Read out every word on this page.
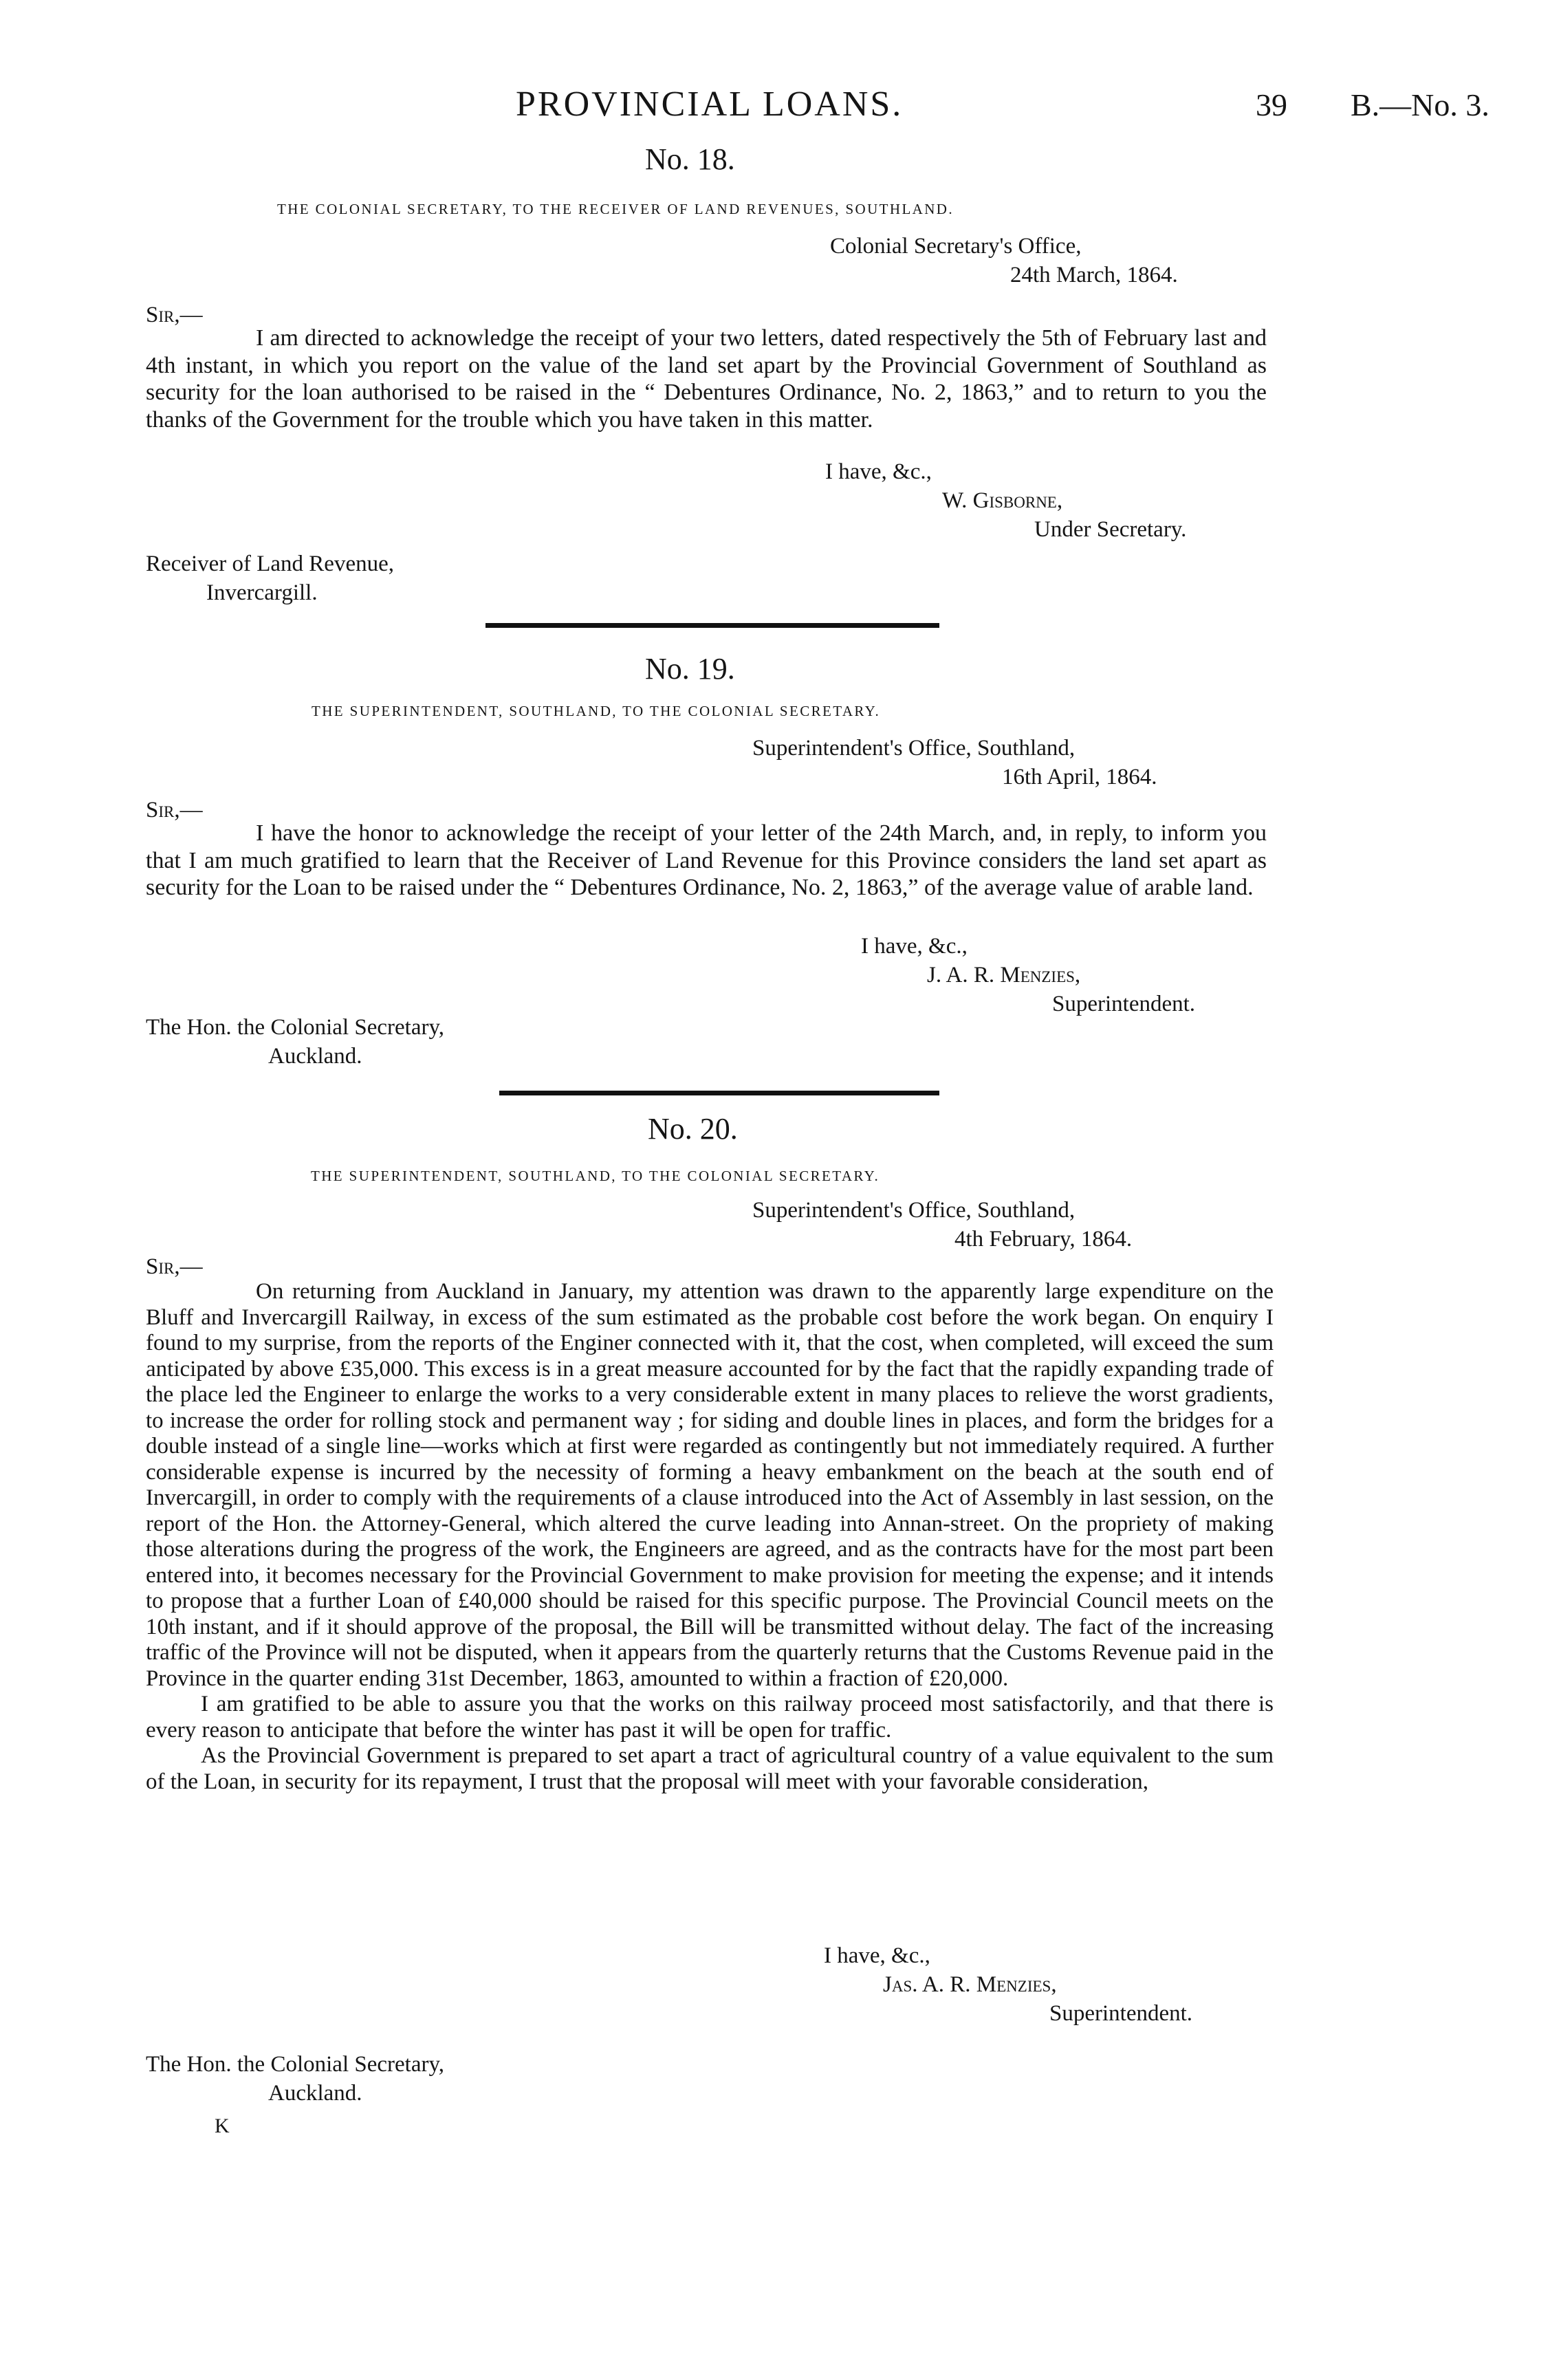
PROVINCIAL LOANS.	39 B.—No. 3.
No. 18.
THE COLONIAL SECRETARY, TO THE RECEIVER OF LAND REVENUES, SOUTHLAND.
Colonial Secretary's Office,
24th March, 1864.
Sir,—
I am directed to acknowledge the receipt of your two letters, dated respectively the 5th of February last and 4th instant, in which you report on the value of the land set apart by the Provincial Government of Southland as security for the loan authorised to be raised in the “ Debentures Ordinance, No. 2, 1863,” and to return to you the thanks of the Government for the trouble which you have taken in this matter.
I have, &c.,
W. Gisborne,
Under Secretary.
Receiver of Land Revenue,
Invercargill.
No. 19.
THE SUPERINTENDENT, SOUTHLAND, TO THE COLONIAL SECRETARY.
Superintendent's Office, Southland,
16th April, 1864.
Sir,—
I have the honor to acknowledge the receipt of your letter of the 24th March, and, in reply, to inform you that I am much gratified to learn that the Receiver of Land Revenue for this Province considers the land set apart as security for the Loan to be raised under the “ Debentures Ordinance, No. 2, 1863,” of the average value of arable land.
I have, &c.,
J. A. R. Menzies,
Superintendent.
The Hon. the Colonial Secretary,
Auckland.
No. 20.
THE SUPERINTENDENT, SOUTHLAND, TO THE COLONIAL SECRETARY.
Superintendent's Office, Southland,
4th February, 1864.
Sir,—

On returning from Auckland in January, my attention was drawn to the apparently large expenditure on the Bluff and Invercargill Railway, in excess of the sum estimated as the probable cost before the work began. On enquiry I found to my surprise, from the reports of the Enginer connected with it, that the cost, when completed, will exceed the sum anticipated by above £35,000. This excess is in a great measure accounted for by the fact that the rapidly expanding trade of the place led the Engineer to enlarge the works to a very considerable extent in many places to relieve the worst gradients, to increase the order for rolling stock and permanent way ; for siding and double lines in places, and form the bridges for a double instead of a single line—works which at first were regarded as contingently but not immediately required. A further considerable expense is incurred by the necessity of forming a heavy embankment on the beach at the south end of Invercargill, in order to comply with the requirements of a clause introduced into the Act of Assembly in last session, on the report of the Hon. the Attorney-General, which altered the curve leading into Annan-street. On the propriety of making those alterations during the progress of the work, the Engineers are agreed, and as the contracts have for the most part been entered into, it becomes necessary for the Provincial Government to make provision for meeting the expense; and it intends to propose that a further Loan of £40,000 should be raised for this specific purpose. The Provincial Council meets on the 10th instant, and if it should approve of the proposal, the Bill will be transmitted without delay. The fact of the increasing traffic of the Province will not be disputed, when it appears from the quarterly returns that the Customs Revenue paid in the Province in the quarter ending 31st December, 1863, amounted to within a fraction of £20,000.

I am gratified to be able to assure you that the works on this railway proceed most satisfactorily, and that there is every reason to anticipate that before the winter has past it will be open for traffic.

As the Provincial Government is prepared to set apart a tract of agricultural country of a value equivalent to the sum of the Loan, in security for its repayment, I trust that the proposal will meet with your favorable consideration,

I have, &c.,
Jas. A. R. Menzies,
Superintendent.
The Hon. the Colonial Secretary,
Auckland.
K
